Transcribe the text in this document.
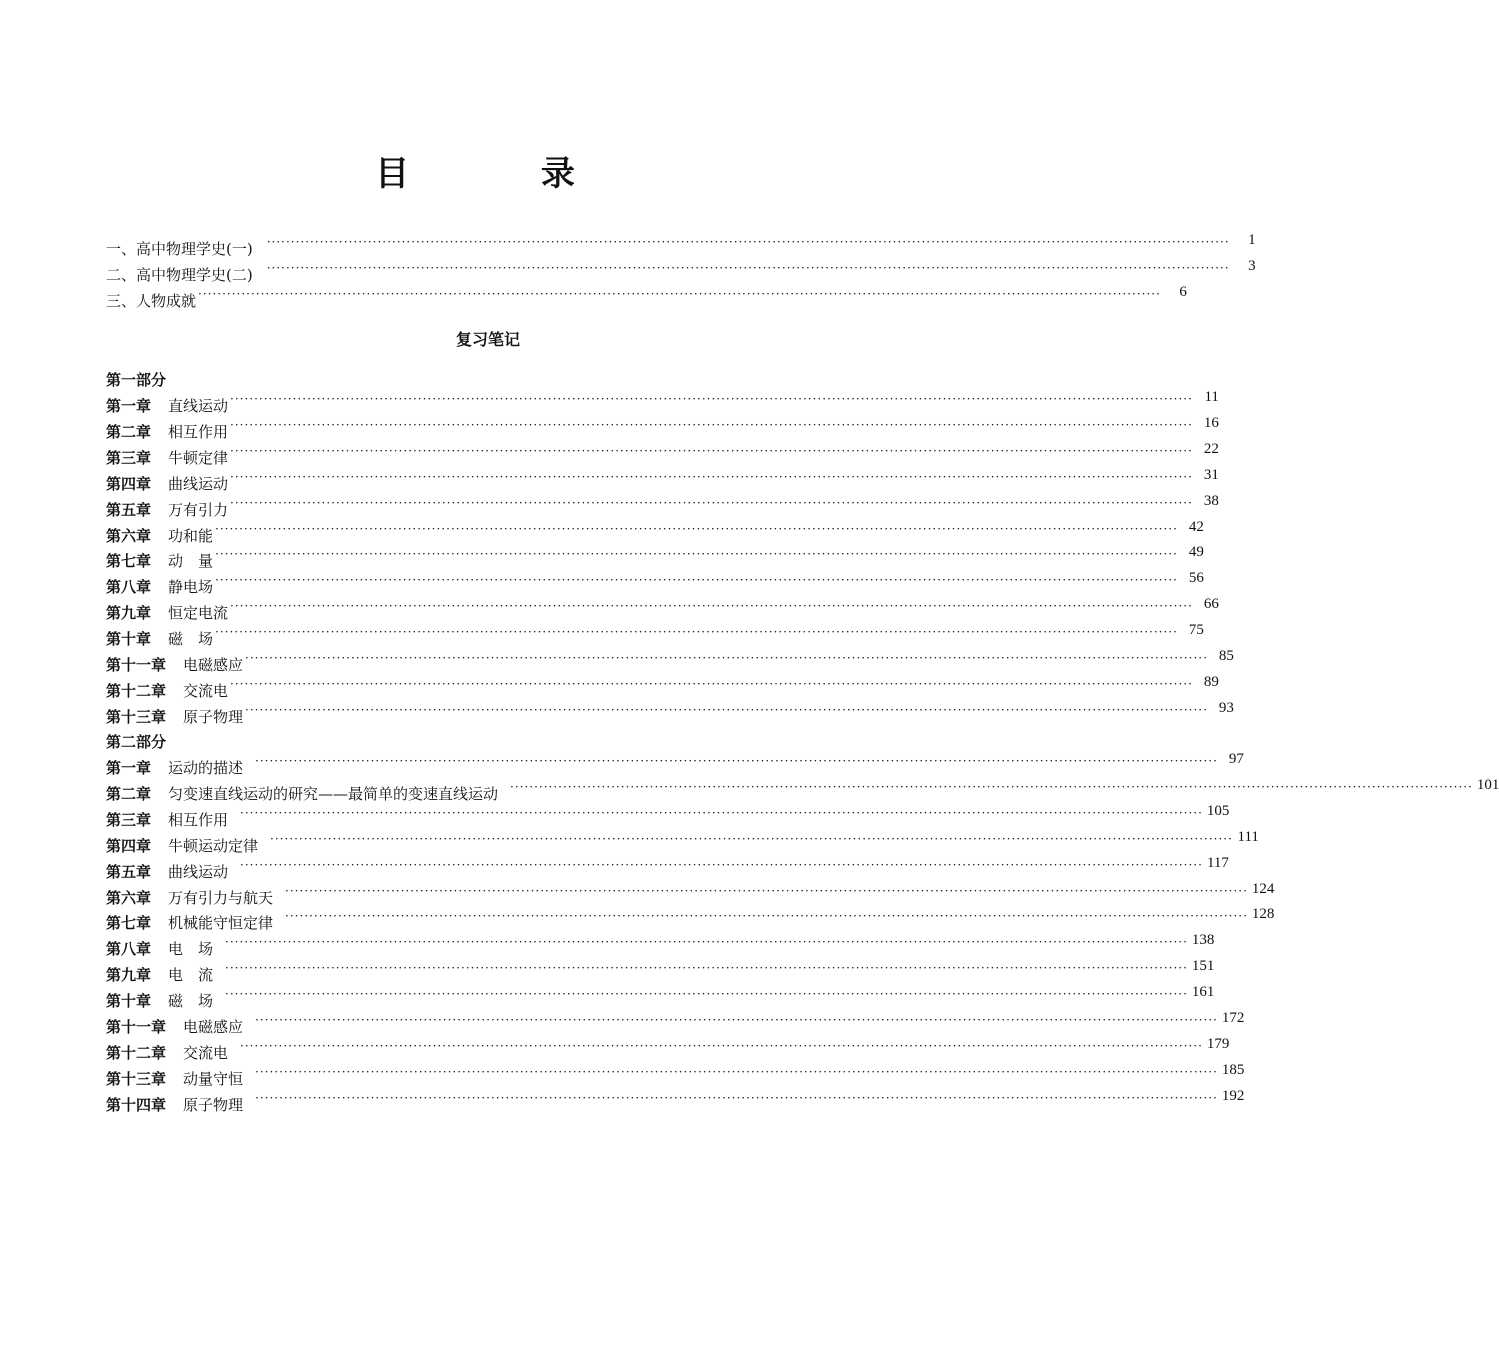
目 录
一、高中物理学史(一) ········································································································································································································	1
二、高中物理学史(二) ········································································································································································································	3
三、人物成就 ········································································································································································································	6
复习笔记
第一部分
第一章 直线运动 ········································································································································································································ 11
第二章 相互作用 ········································································································································································································ 16
第三章 牛顿定律 ········································································································································································································ 22
第四章 曲线运动 ········································································································································································································ 31
第五章 万有引力 ········································································································································································································ 38
第六章 功和能 ········································································································································································································ 42
第七章 动　量 ········································································································································································································ 49
第八章 静电场 ········································································································································································································ 56
第九章 恒定电流 ········································································································································································································ 66
第十章 磁　场 ········································································································································································································ 75
第十一章 电磁感应 ········································································································································································································ 85
第十二章 交流电 ········································································································································································································ 89
第十三章 原子物理 ········································································································································································································ 93
第二部分
第一章 运动的描述 ········································································································································································································ 97
第二章 匀变速直线运动的研究——最简单的变速直线运动 ········································································································································································································ 101
第三章 相互作用 ········································································································································································································ 105
第四章 牛顿运动定律 ········································································································································································································ 111
第五章 曲线运动 ········································································································································································································ 117
第六章 万有引力与航天 ········································································································································································································ 124
第七章 机械能守恒定律 ········································································································································································································ 128
第八章 电　场 ········································································································································································································ 138
第九章 电　流 ········································································································································································································ 151
第十章 磁　场 ········································································································································································································ 161
第十一章 电磁感应 ········································································································································································································ 172
第十二章 交流电 ········································································································································································································ 179
第十三章 动量守恒 ········································································································································································································ 185
第十四章 原子物理 ········································································································································································································ 192
